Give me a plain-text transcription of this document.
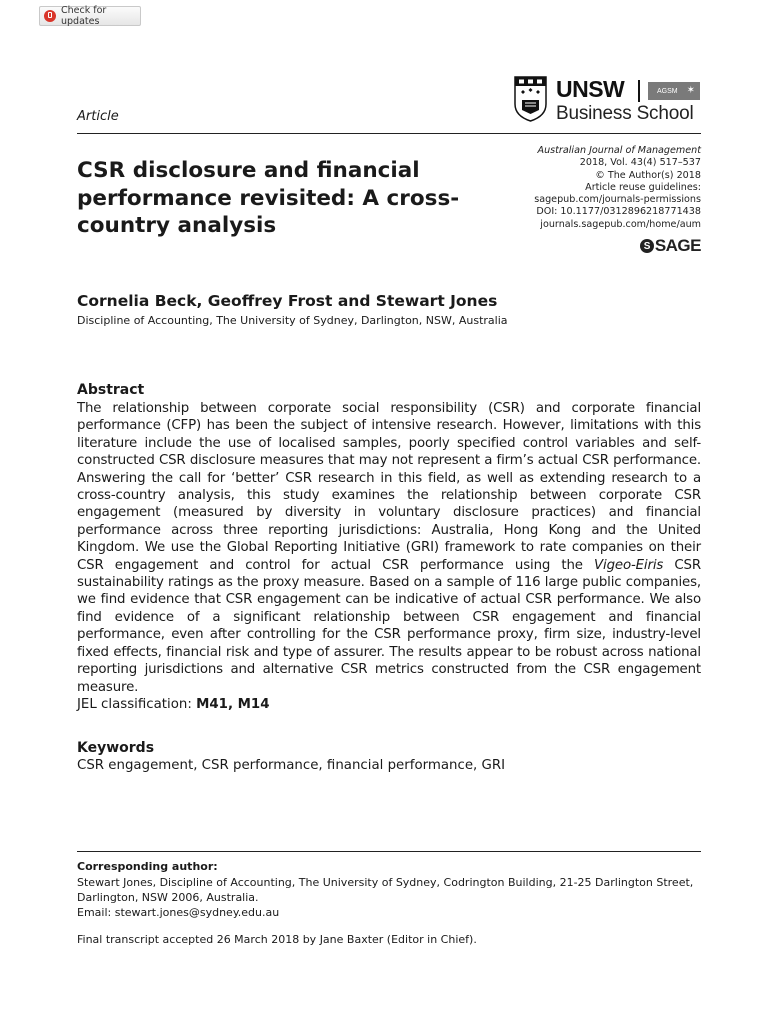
Check for updates
Article
UNSW	AGSM ✶
Business School
Australian Journal of Management
2018, Vol. 43(4) 517–537
© The Author(s) 2018
Article reuse guidelines:
sagepub.com/journals-permissions
DOI: 10.1177/0312896218771438
journals.sagepub.com/home/aum
S SAGE
CSR disclosure and financial performance revisited: A cross-country analysis
Cornelia Beck, Geoffrey Frost and Stewart Jones
Discipline of Accounting, The University of Sydney, Darlington, NSW, Australia
Abstract
The relationship between corporate social responsibility (CSR) and corporate financial performance (CFP) has been the subject of intensive research. However, limitations with this literature include the use of localised samples, poorly specified control variables and self-constructed CSR disclosure measures that may not represent a firm’s actual CSR performance. Answering the call for ‘better’ CSR research in this field, as well as extending research to a cross-country analysis, this study examines the relationship between corporate CSR engagement (measured by diversity in voluntary disclosure practices) and financial performance across three reporting jurisdictions: Australia, Hong Kong and the United Kingdom. We use the Global Reporting Initiative (GRI) framework to rate companies on their CSR engagement and control for actual CSR performance using the Vigeo-Eiris CSR sustainability ratings as the proxy measure. Based on a sample of 116 large public companies, we find evidence that CSR engagement can be indicative of actual CSR performance. We also find evidence of a significant relationship between CSR engagement and financial performance, even after controlling for the CSR performance proxy, firm size, industry-level fixed effects, financial risk and type of assurer. The results appear to be robust across national reporting jurisdictions and alternative CSR metrics constructed from the CSR engagement measure.
JEL classification: M41, M14
Keywords
CSR engagement, CSR performance, financial performance, GRI
Corresponding author:
Stewart Jones, Discipline of Accounting, The University of Sydney, Codrington Building, 21-25 Darlington Street,
Darlington, NSW 2006, Australia.
Email: stewart.jones@sydney.edu.au
Final transcript accepted 26 March 2018 by Jane Baxter (Editor in Chief).
